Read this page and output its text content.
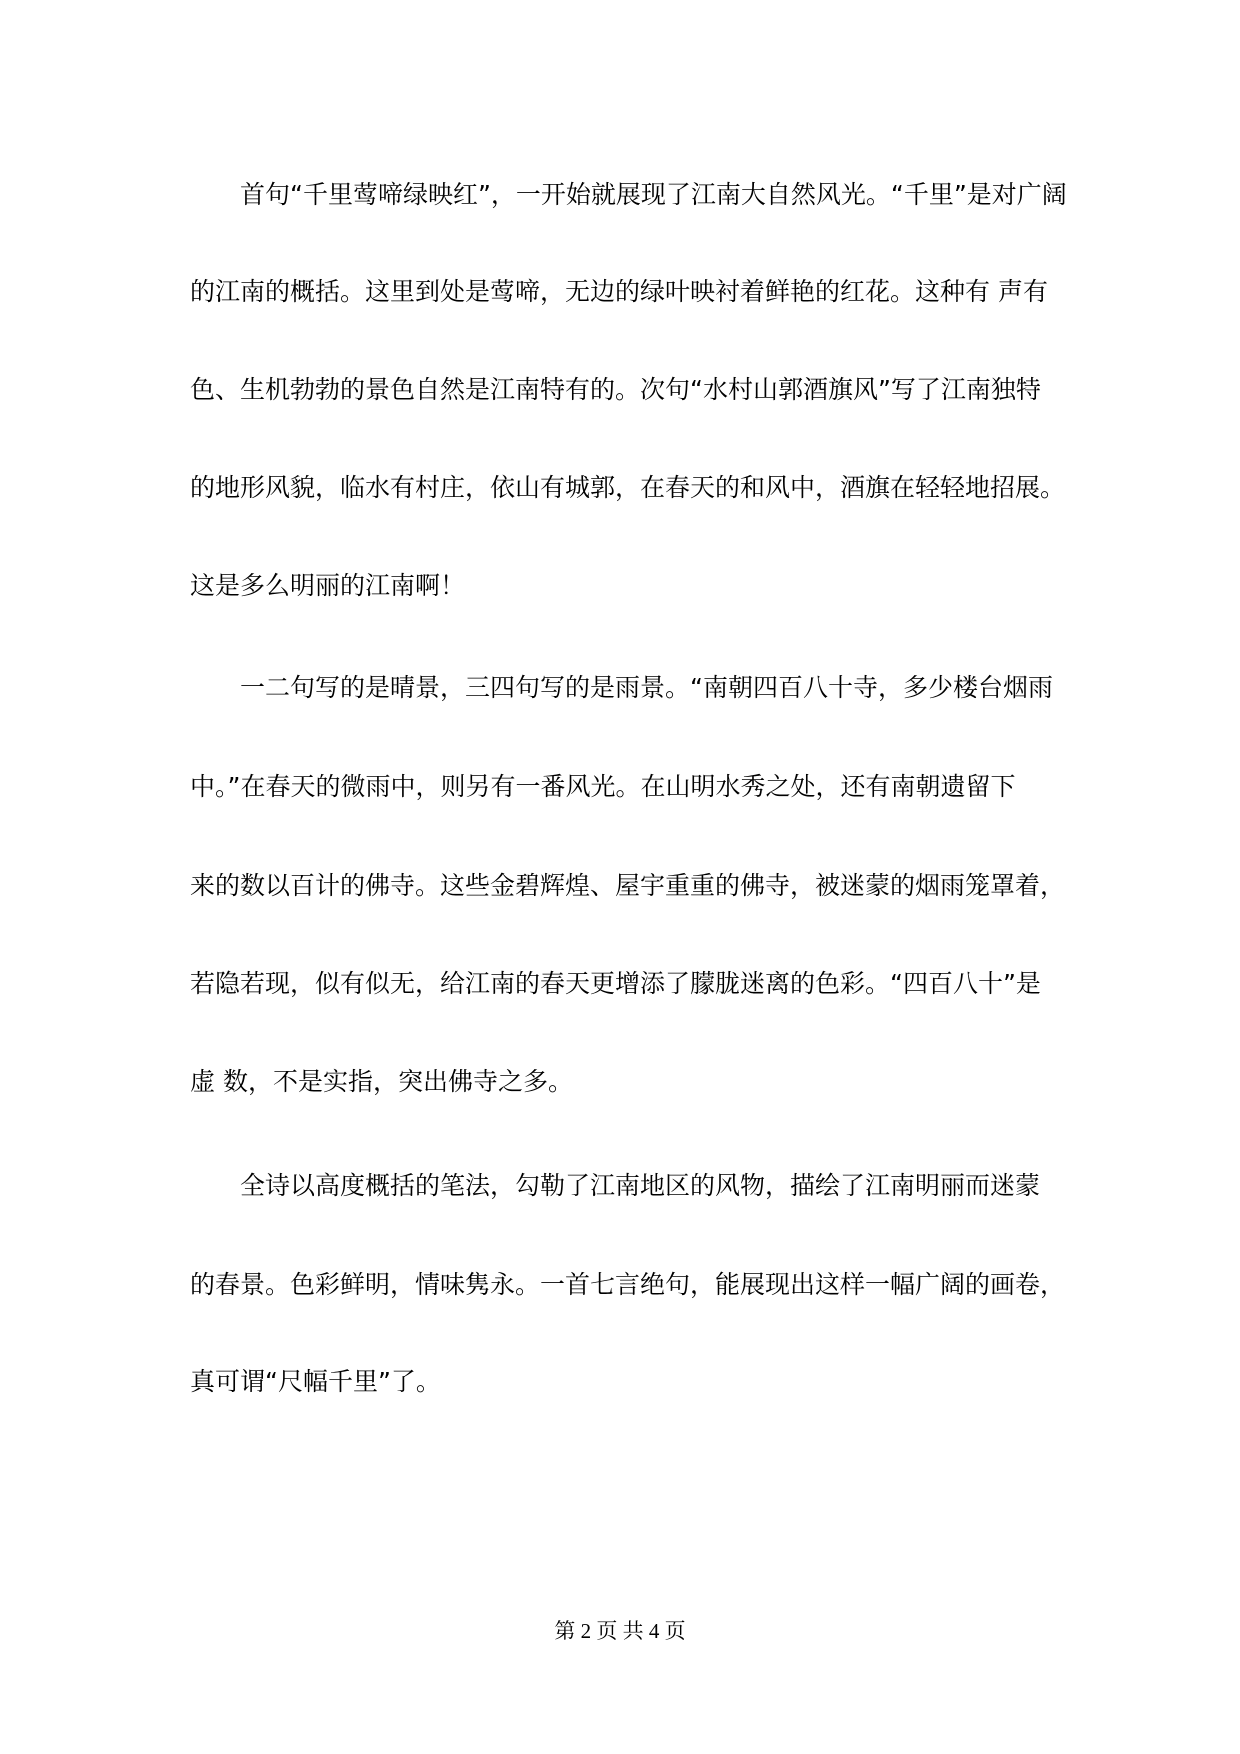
首句“千里莺啼绿映红”，一开始就展现了江南大自然风光。“千里”是对广阔
的江南的概括。这里到处是莺啼，无边的绿叶映衬着鲜艳的红花。这种有 声有
色、生机勃勃的景色自然是江南特有的。次句“水村山郭酒旗风”写了江南独特
的地形风貌，临水有村庄，依山有城郭，在春天的和风中，酒旗在轻轻地招展。
这是多么明丽的江南啊！
一二句写的是晴景，三四句写的是雨景。“南朝四百八十寺，多少楼台烟雨
中。”在春天的微雨中，则另有一番风光。在山明水秀之处，还有南朝遗留下
来的数以百计的佛寺。这些金碧辉煌、屋宇重重的佛寺，被迷蒙的烟雨笼罩着，
若隐若现，似有似无，给江南的春天更增添了朦胧迷离的色彩。“四百八十”是
虚 数，不是实指，突出佛寺之多。
全诗以高度概括的笔法，勾勒了江南地区的风物，描绘了江南明丽而迷蒙
的春景。色彩鲜明，情味隽永。一首七言绝句，能展现出这样一幅广阔的画卷，
真可谓“尺幅千里”了。
第 2 页 共 4 页
